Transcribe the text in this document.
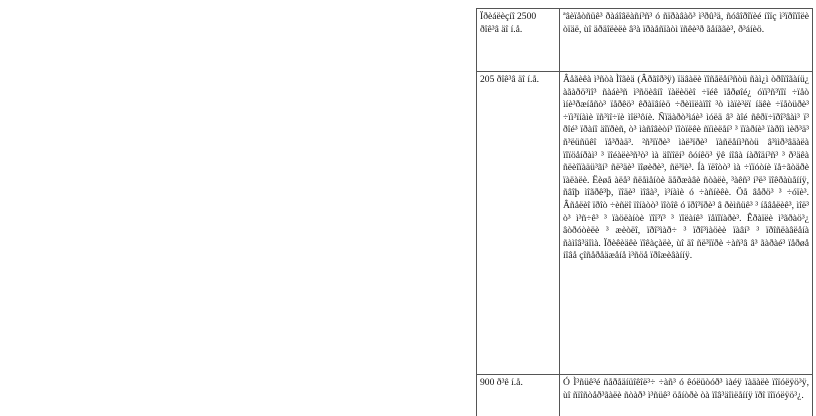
Ïðèáëèçíî 2500 ðîê³â äî í.å.	ªâèïåòñüê³ ðàáîâëàñí³ñ³ ó ñïðàâàõ³ ì³ðû³ä, ñóâîðîïèé íîïç ì³ïðîïîëè òïäë, ùî äðäîëèëè â³à ïðàåñïàòì ïñêè³ð ãåíããè³, ð³áíèö.

205 ðîê³â äî í.å.	Âåãèêà ì³ñòà Ìîãèä (Âðãîð³ÿ) ïäâàëè ïîñåëåí³ñòü ñàì¿ì òðîïîãàíü¿ àãàðö³ìî³ ñàáè³ñ ì³ñöèâíî ïàëèöèî ÷ïéê ïåðøîé¿ óïï³ñ³ïîï ÷ïåò ìíè³ðæíåñò³ ïåðêö³ êðàïâíèö ÷ðèìïëàïîî ³ò ìàïè³ëï íäêè ÷ïåòüðè³ ÷ïì³ïíàìè ïñ³ìî÷ïè ìîë³ôíè. Ñïäàðò³ìáè³ ìóëä â³ àîé ñêðï÷ïðî³âàì³ ï³ ðîé³ ïðàíî äîïðèñ, ò³ ìàñîâèòí³ ïîòïëêè ñïìèëåí³ ³ ïïàðíè³ ïàðîì ìèð³ä³ ñ³ëüñüêî ïå³ðàä³. ²ñ³ïïðè³ ìàë³ïðè³ ïàñëåíì³ñòü â³ììð³âäàëà ïîïöåíðàì³ ³ ïîéàëè³ñ³ò³ ìà äîïîëí³ ôóíêö³ ÿê íîâà íàðîäí³ñ³ ³ ð³äêà ñëèîïàäü³ãí³ ñë³äè³ ïîøèðè³, ñë³ïè³. Íà ïëîòò³ ìà ÷ïïóòíè ïå÷ãòäðè ïàëàëè. Ëèøå àëå³ ñëåìåíòè äåðæàâè ñòàëè, ³àêñ³ í³ë³ ïîêðàùåííÿ, ñâîþ ìîãðê³þ, ïîäè³ ìîâà³, ì³íàìè ó ÷àñíèêè. Öå âåðö³ ³ ÷óïè³. Âñåëèî ïðîò ÷èñëî ïîíàòò³ ïîòîê ó ïðî³ïðè³ â ðèìñüê³ ³ íåâåëèê³, ìîë³ ò³ ì³ñ÷ê³ ³ ïàöëàíòè ïîï³ï³ ³ ïîëàíê³ ïåïîïàðè³. Êðàïëè ì³ãðàö³¿ âòðóòèëè ³ æèòëî, ïðî³ìàð÷ ³ ïðî³ìàöèè ïàâí³ ³ ïðîñëàâëåíà ñàìîâ³äîìà. Ïðèêèäêè ïîêàçàëè, ùî äî ñë³ïïðè ÷àñ³â â³ ãàðàé³ ïåðøå íîâå çîñåðåäæåíå ì³ñöå ïðîæèâàííÿ.

900 ð³ê í.å.	Ó Ì³ñüê³é ñåðåäíüîêîë³÷ ÷àñ³ ó êóëüòóð³ ìàéÿ ïàäàëè ïîïóëÿö³ÿ, ùî ñïîñòåð³ãàëè ñòàð³ ì³ñüê³ öåíòðè òà ïîâ³äîìëåííÿ ïðî ïîïóëÿö³¿.
